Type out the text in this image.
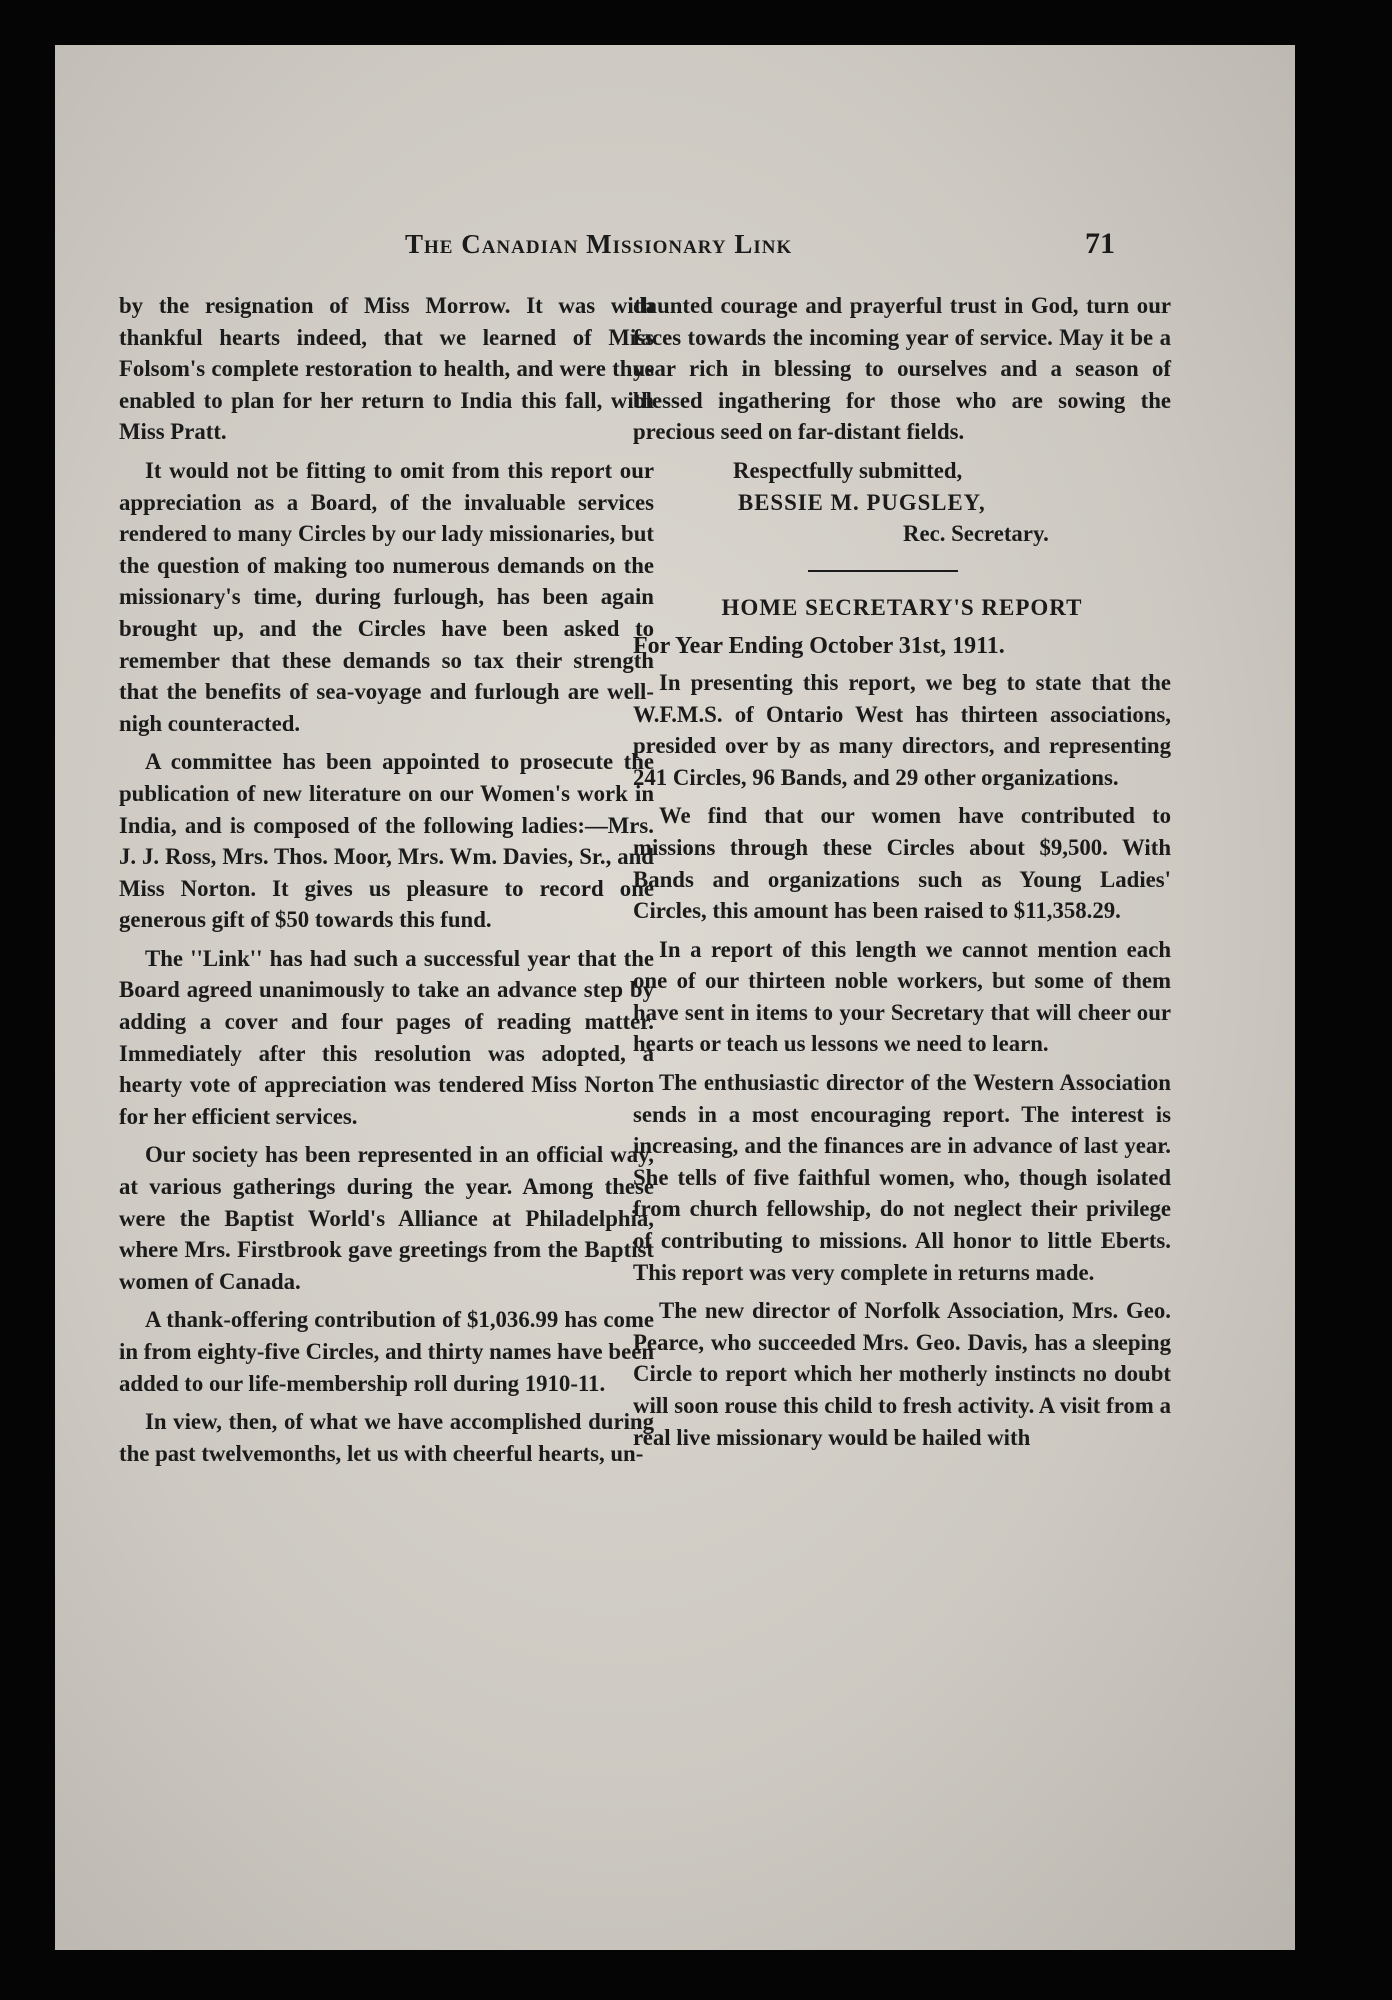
The Canadian Missionary Link	71

by the resignation of Miss Morrow. It was with thankful hearts indeed, that we learned of Miss Folsom's complete restoration to health, and were thus enabled to plan for her return to India this fall, with Miss Pratt.

It would not be fitting to omit from this report our appreciation as a Board, of the invaluable services rendered to many Circles by our lady missionaries, but the question of making too numerous demands on the missionary's time, during furlough, has been again brought up, and the Circles have been asked to remember that these demands so tax their strength that the benefits of sea-voyage and furlough are well-nigh counteracted.

A committee has been appointed to prosecute the publication of new literature on our Women's work in India, and is composed of the following ladies:—Mrs. J. J. Ross, Mrs. Thos. Moor, Mrs. Wm. Davies, Sr., and Miss Norton. It gives us pleasure to record one generous gift of $50 towards this fund.

The ''Link'' has had such a successful year that the Board agreed unanimously to take an advance step by adding a cover and four pages of reading matter. Immediately after this resolution was adopted, a hearty vote of appreciation was tendered Miss Norton for her efficient services.

Our society has been represented in an official way, at various gatherings during the year. Among these were the Baptist World's Alliance at Philadelphia, where Mrs. Firstbrook gave greetings from the Baptist women of Canada.

A thank-offering contribution of $1,036.99 has come in from eighty-five Circles, and thirty names have been added to our life-membership roll during 1910-11.

In view, then, of what we have accomplished during the past twelvemonths, let us with cheerful hearts, un-

daunted courage and prayerful trust in God, turn our faces towards the incoming year of service. May it be a year rich in blessing to ourselves and a season of blessed ingathering for those who are sowing the precious seed on far-distant fields.

Respectfully submitted,
BESSIE M. PUGSLEY,
Rec. Secretary.
HOME SECRETARY'S REPORT
For Year Ending October 31st, 1911.

In presenting this report, we beg to state that the W.F.M.S. of Ontario West has thirteen associations, presided over by as many directors, and representing 241 Circles, 96 Bands, and 29 other organizations.

We find that our women have contributed to missions through these Circles about $9,500. With Bands and organizations such as Young Ladies' Circles, this amount has been raised to $11,358.29.

In a report of this length we cannot mention each one of our thirteen noble workers, but some of them have sent in items to your Secretary that will cheer our hearts or teach us lessons we need to learn.

The enthusiastic director of the Western Association sends in a most encouraging report. The interest is increasing, and the finances are in advance of last year. She tells of five faithful women, who, though isolated from church fellowship, do not neglect their privilege of contributing to missions. All honor to little Eberts. This report was very complete in returns made.

The new director of Norfolk Association, Mrs. Geo. Pearce, who succeeded Mrs. Geo. Davis, has a sleeping Circle to report which her motherly instincts no doubt will soon rouse this child to fresh activity. A visit from a real live missionary would be hailed with
